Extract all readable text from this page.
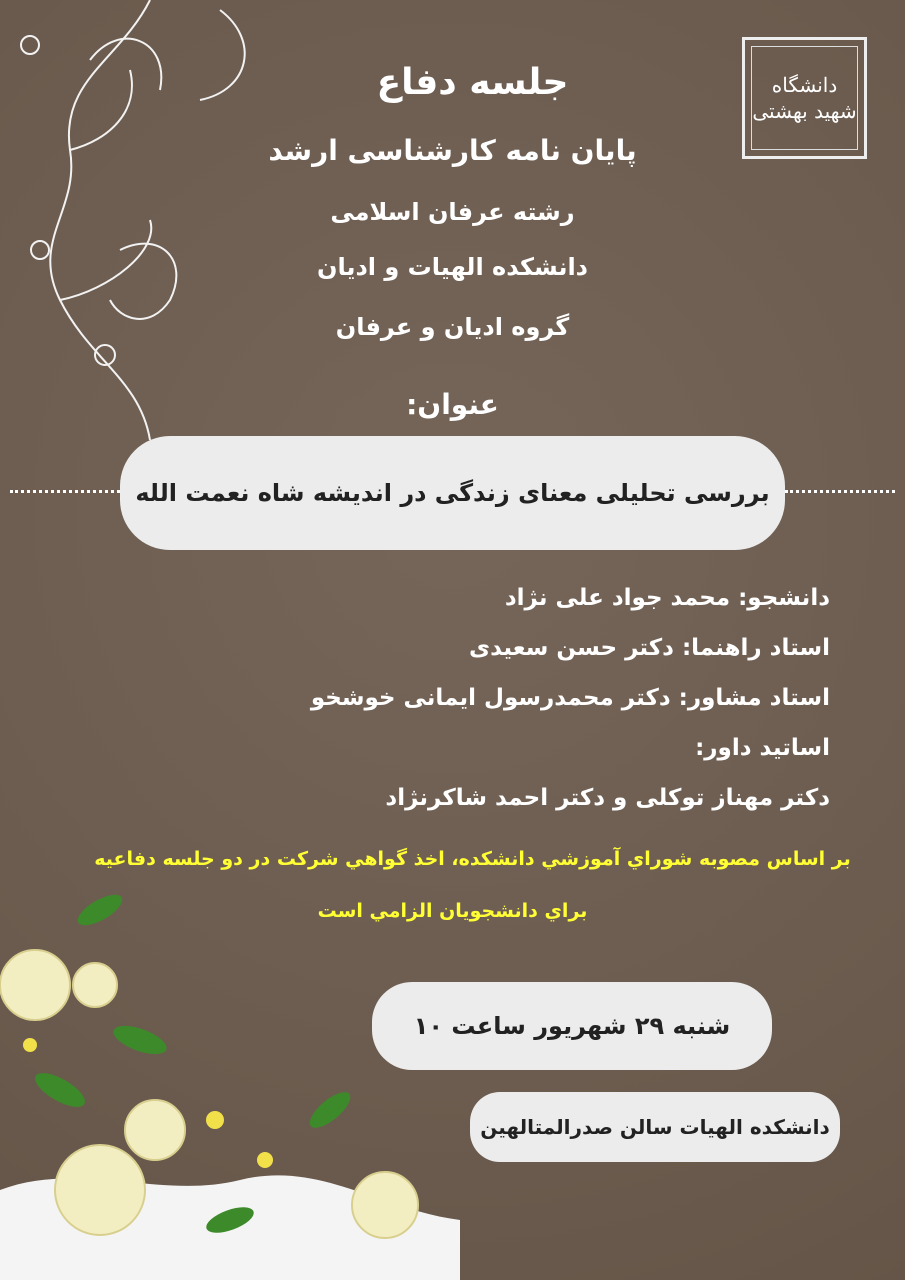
دانشگاه شهید بهشتی
جلسه دفاع
پایان نامه کارشناسی ارشد
رشته عرفان اسلامی
دانشکده الهیات و ادیان
گروه ادیان و عرفان
عنوان:
بررسی تحلیلی معنای زندگی در اندیشه شاه نعمت الله
دانشجو: محمد جواد علی نژاد
استاد راهنما: دکتر حسن سعیدی
استاد مشاور: دکتر محمدرسول ایمانی خوشخو
اساتید داور:
دکتر مهناز توکلی و دکتر احمد شاکرنژاد
بر اساس مصوبه شوراي آموزشي دانشكده، اخذ گواهي شركت در دو جلسه دفاعيه
براي دانشجويان الزامي است
شنبه ۲۹ شهریور ساعت ۱۰
دانشکده الهیات سالن صدرالمتالهین
